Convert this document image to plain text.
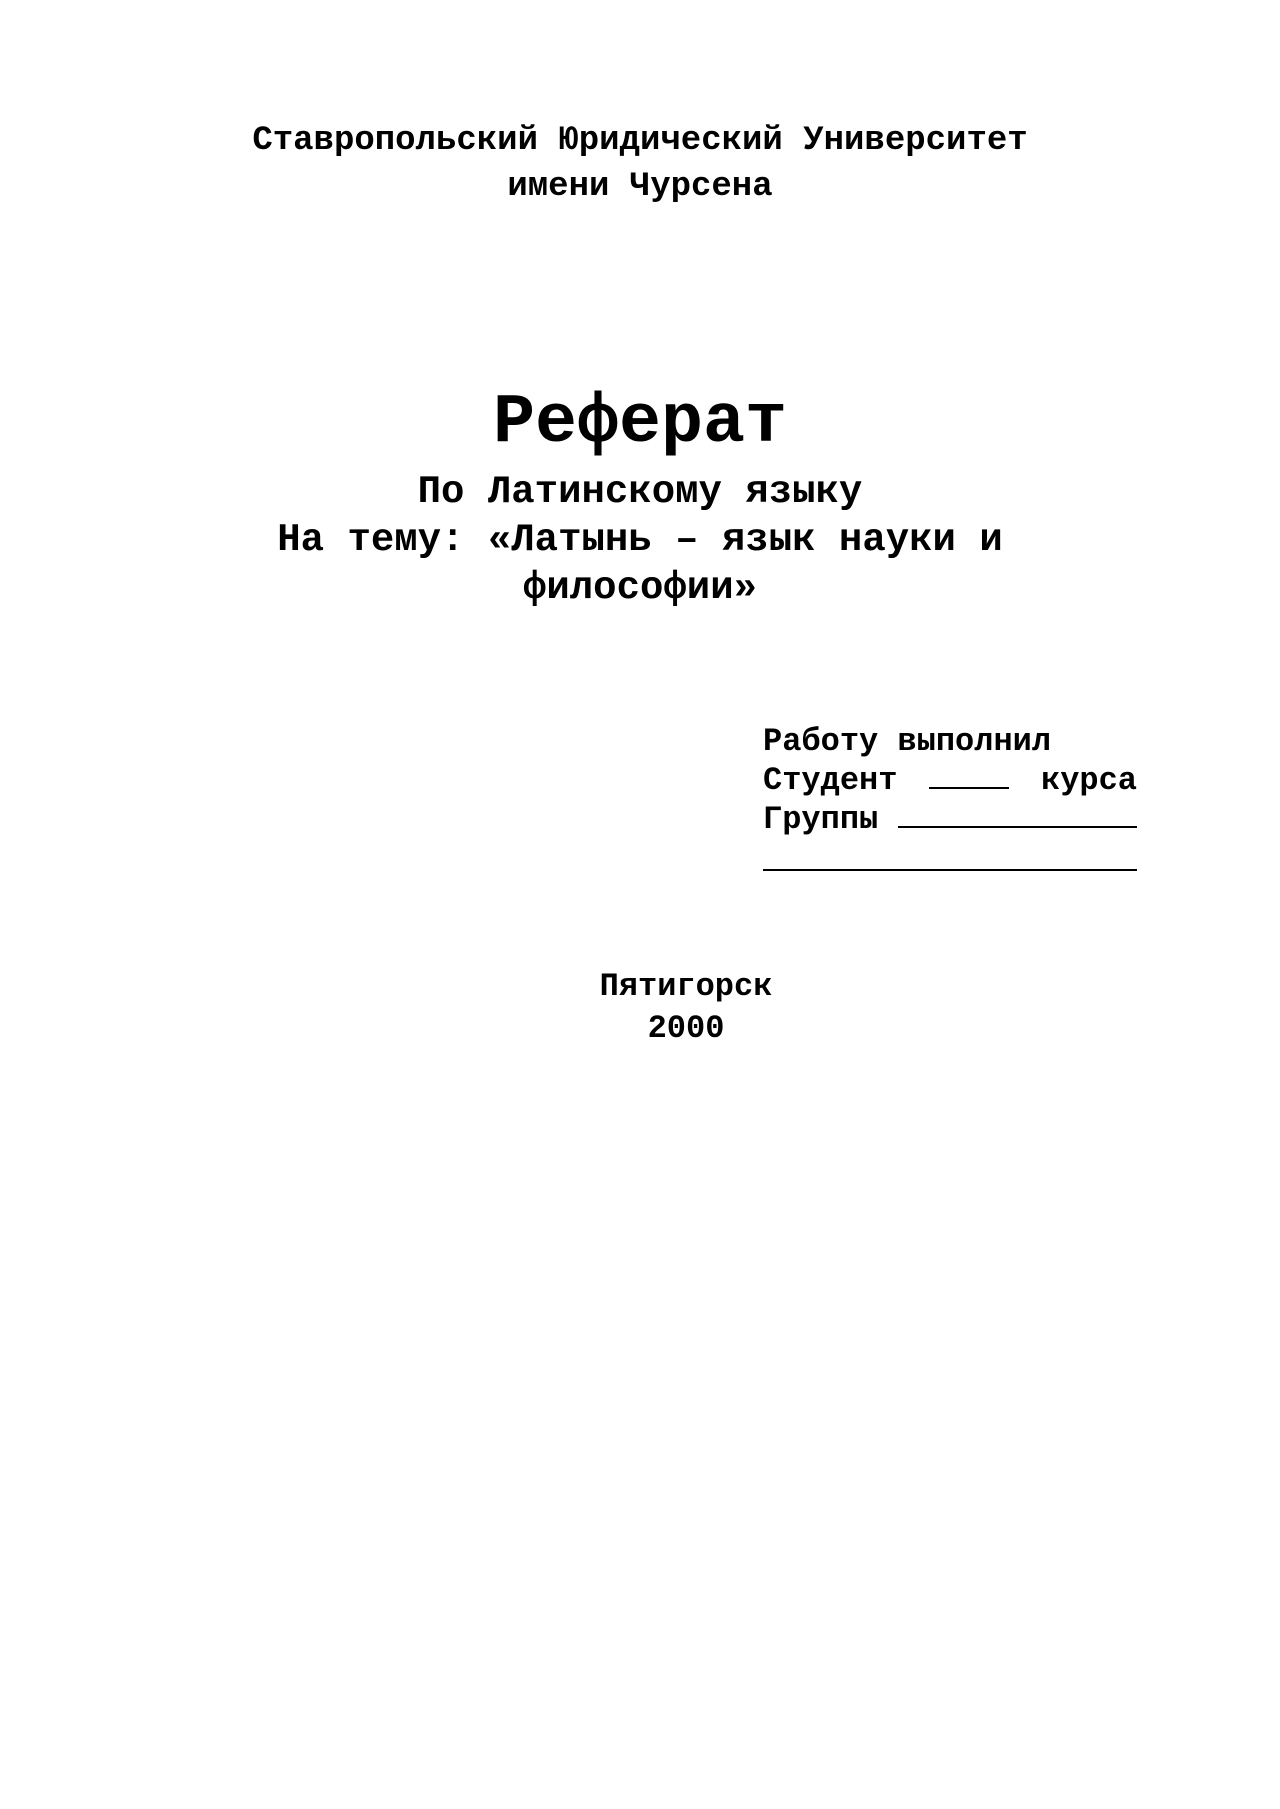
Ставропольский Юридический Университет
имени Чурсена
Реферат
По Латинскому языку
На тему: «Латынь – язык науки и
философии»
Работу выполнил
Студент	курса
Группы
Пятигорск
2000
